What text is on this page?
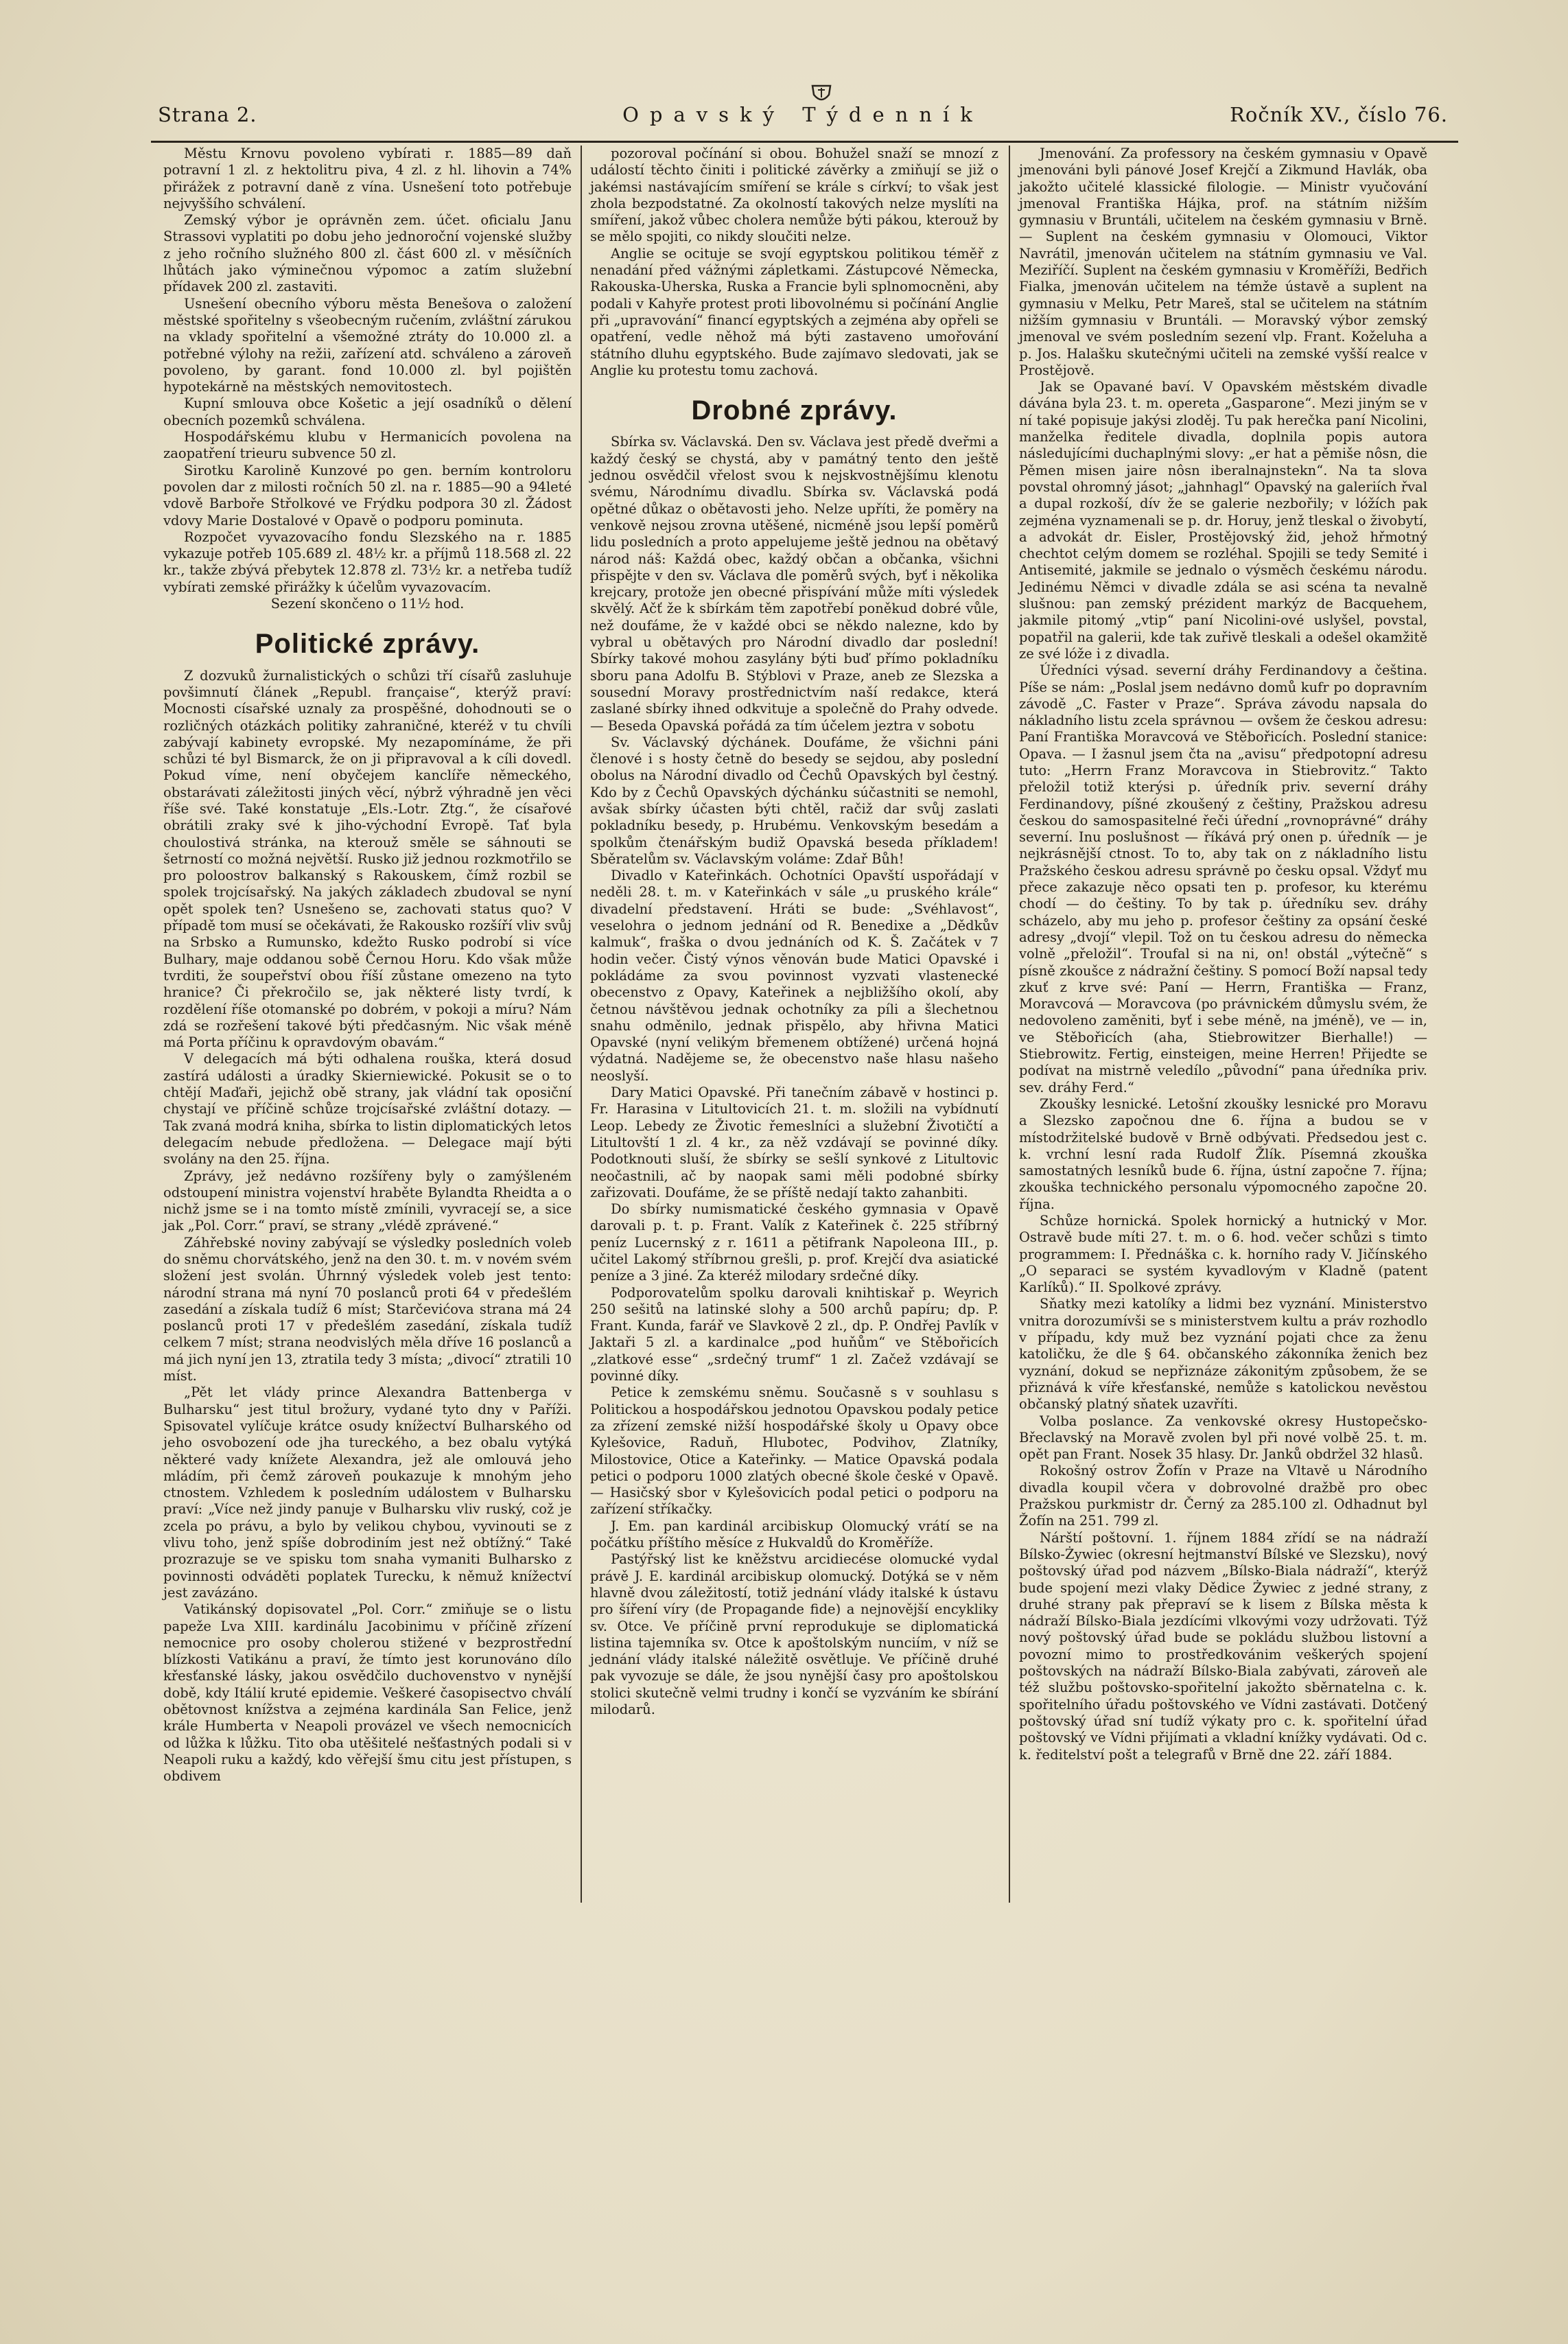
Strana 2.	Opavský Týdenník	Ročník XV., číslo 76.

Městu Krnovu povoleno vybírati r. 1885—89 daň potravní 1 zl. z hektolitru piva, 4 zl. z hl. lihovin a 74% přirážek z potravní daně z vína. Usnešení toto potřebuje nejvyššího schválení.

Zemský výbor je oprávněn zem. účet. oficialu Janu Strassovi vyplatiti po dobu jeho jednoroční vojenské služby z jeho ročního služného 800 zl. část 600 zl. v měsíčních lhůtách jako výminečnou výpomoc a zatím služební přídavek 200 zl. zastaviti.

Usnešení obecního výboru města Benešova o založení městské spořitelny s všeobecným ručením, zvláštní zárukou na vklady spořitelní a všemožné ztráty do 10.000 zl. a potřebné výlohy na režii, zařízení atd. schváleno a zároveň povoleno, by garant. fond 10.000 zl. byl pojištěn hypotekárně na městských nemovitostech.

Kupní smlouva obce Košetic a její osadníků o dělení obecních pozemků schválena.

Hospodářskému klubu v Hermanicích povolena na zaopatření trieuru subvence 50 zl.

Sirotku Karolině Kunzové po gen. berním kontroloru povolen dar z milosti ročních 50 zl. na r. 1885—90 a 94leté vdově Barboře Střolkové ve Frýdku podpora 30 zl. Žádost vdovy Marie Dostalové v Opavě o podporu pominuta.

Rozpočet vyvazovacího fondu Slezského na r. 1885 vykazuje potřeb 105.689 zl. 48½ kr. a příjmů 118.568 zl. 22 kr., takže zbývá přebytek 12.878 zl. 73½ kr. a netřeba tudíž vybírati zemské přirážky k účelům vyvazovacím.

Sezení skončeno o 11½ hod.

Politické zprávy.

Z dozvuků žurnalistických o schůzi tří císařů zasluhuje povšimnutí článek „Republ. française“, kterýž praví: Mocnosti císařské uznaly za prospěšné, dohodnouti se o rozličných otázkách politiky zahraničné, kteréž v tu chvíli zabývají kabinety evropské. My nezapomínáme, že při schůzi té byl Bismarck, že on ji připravoval a k cíli dovedl. Pokud víme, není obyčejem kanclíře německého, obstarávati záležitosti jiných věcí, nýbrž výhradně jen věci říše své. Také konstatuje „Els.-Lotr. Ztg.“, že císařové obrátili zraky své k jiho-východní Evropě. Tať byla choulostivá stránka, na kterouž směle se sáhnouti se šetrností co možná největší. Rusko již jednou rozkmotřilo se pro poloostrov balkanský s Rakouskem, čímž rozbil se spolek trojcísařský. Na jakých základech zbudoval se nyní opět spolek ten? Usnešeno se, zachovati status quo? V případě tom musí se očekávati, že Rakousko rozšíří vliv svůj na Srbsko a Rumunsko, kdežto Rusko podrobí si více Bulhary, maje oddanou sobě Černou Horu. Kdo však může tvrditi, že soupeřství obou říší zůstane omezeno na tyto hranice? Či překročilo se, jak některé listy tvrdí, k rozdělení říše otomanské po dobrém, v pokoji a míru? Nám zdá se rozřešení takové býti předčasným. Nic však méně má Porta příčinu k opravdovým obavám.“

V delegacích má býti odhalena rouška, která dosud zastírá události a úradky Skierniewické. Pokusit se o to chtějí Maďaři, jejichž obě strany, jak vládní tak oposiční chystají ve příčině schůze trojcísařské zvláštní dotazy. — Tak zvaná modrá kniha, sbírka to listin diplomatických letos delegacím nebude předložena. — Delegace mají býti svolány na den 25. října.

Zprávy, jež nedávno rozšířeny byly o zamýšleném odstoupení ministra vojenství hraběte Bylandta Rheidta a o nichž jsme se i na tomto místě zmínili, vyvracejí se, a sice jak „Pol. Corr.“ praví, se strany „vlédě zprávené.“

Záhřebské noviny zabývají se výsledky posledních voleb do sněmu chorvátského, jenž na den 30. t. m. v novém svém složení jest svolán. Úhrnný výsledek voleb jest tento: národní strana má nyní 70 poslanců proti 64 v předešlém zasedání a získala tudíž 6 míst; Starčevićova strana má 24 poslanců proti 17 v předešlém zasedání, získala tudíž celkem 7 míst; strana neodvislých měla dříve 16 poslanců a má jich nyní jen 13, ztratila tedy 3 místa; „divocí“ ztratili 10 míst.

„Pět let vlády prince Alexandra Battenberga v Bulharsku“ jest titul brožury, vydané tyto dny v Paříži. Spisovatel vylíčuje krátce osudy knížectví Bulharského od jeho osvobození ode jha tureckého, a bez obalu vytýká některé vady knížete Alexandra, jež ale omlouvá jeho mládím, při čemž zároveň poukazuje k mnohým jeho ctnostem. Vzhledem k posledním událostem v Bulharsku praví: „Více než jindy panuje v Bulharsku vliv ruský, což je zcela po právu, a bylo by velikou chybou, vyvinouti se z vlivu toho, jenž spíše dobrodiním jest než obtížný.“ Také prozrazuje se ve spisku tom snaha vymaniti Bulharsko z povinnosti odváděti poplatek Turecku, k němuž knížectví jest zavázáno.

Vatikánský dopisovatel „Pol. Corr.“ zmiňuje se o listu papeže Lva XIII. kardinálu Jacobinimu v příčině zřízení nemocnice pro osoby cholerou stižené v bezprostřední blízkosti Vatikánu a praví, že tímto jest korunováno dílo křesťanské lásky, jakou osvědčilo duchovenstvo v nynější době, kdy Itálií kruté epidemie. Veškeré časopisectvo chválí obětovnost knížstva a zejména kardinála San Felice, jenž krále Humberta v Neapoli provázel ve všech nemocnicích od lůžka k lůžku. Tito oba utěšitelé nešťastných podali si v Neapoli ruku a každý, kdo věřejší šmu citu jest přístupen, s obdivem

pozoroval počínání si obou. Bohužel snaží se mnozí z událostí těchto činiti i politické závěrky a zmiňují se již o jakémsi nastávajícím smíření se krále s církví; to však jest zhola bezpodstatné. Za okolností takových nelze myslíti na smíření, jakož vůbec cholera nemůže býti pákou, kterouž by se mělo spojiti, co nikdy sloučiti nelze.

Anglie se ocituje se svojí egyptskou politikou téměř z nenadání před vážnými zápletkami. Zástupcové Německa, Rakouska-Uherska, Ruska a Francie byli splnomocněni, aby podali v Kahyře protest proti libovolnému si počínání Anglie při „upravování“ financí egyptských a zejména aby opřeli se opatření, vedle něhož má býti zastaveno umořování státního dluhu egyptského. Bude zajímavo sledovati, jak se Anglie ku protestu tomu zachová.

Drobné zprávy.

Sbírka sv. Václavská. Den sv. Václava jest předě dveřmi a každý český se chystá, aby v památný tento den ještě jednou osvědčil vřelost svou k nejskvostnějšímu klenotu svému, Národnímu divadlu. Sbírka sv. Václavská podá opětné důkaz o obětavosti jeho. Nelze upříti, že poměry na venkově nejsou zrovna utěšené, nicméně jsou lepší poměrů lidu posledních a proto appelujeme ještě jednou na obětavý národ náš: Každá obec, každý občan a občanka, všichni přispějte v den sv. Václava dle poměrů svých, byť i několika krejcary, protože jen obecné přispívání může míti výsledek skvělý. Ačť že k sbírkám těm zapotřebí poněkud dobré vůle, než doufáme, že v každé obci se někdo nalezne, kdo by vybral u obětavých pro Národní divadlo dar poslední! Sbírky takové mohou zasylány býti buď přímo pokladníku sboru pana Adolfu B. Stýblovi v Praze, aneb ze Slezska a sousední Moravy prostřednictvím naší redakce, která zaslané sbírky ihned odkvituje a společně do Prahy odvede. — Beseda Opavská pořádá za tím účelem jeztra v sobotu

Sv. Václavský dýchánek. Doufáme, že všichni páni členové i s hosty četně do besedy se sejdou, aby poslední obolus na Národní divadlo od Čechů Opavských byl čestný. Kdo by z Čechů Opavských dýchánku súčastniti se nemohl, avšak sbírky účasten býti chtěl, račiž dar svůj zaslati pokladníku besedy, p. Hrubému. Venkovským besedám a spolkům čtenářským budiž Opavská beseda příkladem! Sběratelům sv. Václavským voláme: Zdař Bůh!

Divadlo v Kateřinkách. Ochotníci Opavští uspořádají v neděli 28. t. m. v Kateřinkách v sále „u pruského krále“ divadelní představení. Hráti se bude: „Svéhlavost“, veselohra o jednom jednání od R. Benedixe a „Dědkův kalmuk“, fraška o dvou jednáních od K. Š. Začátek v 7 hodin večer. Čistý výnos věnován bude Matici Opavské i pokládáme za svou povinnost vyzvati vlastenecké obecenstvo z Opavy, Kateřinek a nejbližšího okolí, aby četnou návštěvou jednak ochotníky za píli a šlechetnou snahu odměnilo, jednak přispělo, aby hřivna Matici Opavské (nyní velikým břemenem obtížené) určená hojná výdatná. Nadějeme se, že obecenstvo naše hlasu našeho neoslyší.

Dary Matici Opavské. Při tanečním zábavě v hostinci p. Fr. Harasina v Litultovicích 21. t. m. složili na vybídnutí Leop. Lebedy ze Životic řemeslníci a služební Životičtí a Litultovští 1 zl. 4 kr., za něž vzdávají se povinné díky. Podotknouti sluší, že sbírky se sešlí synkové z Litultovic neočastnili, ač by naopak sami měli podobné sbírky zařizovati. Doufáme, že se příště nedají takto zahanbiti.

Do sbírky numismatické českého gymnasia v Opavě darovali p. t. p. Frant. Valík z Kateřinek č. 225 stříbrný peníz Lucernský z r. 1611 a pětifrank Napoleona III., p. učitel Lakomý stříbrnou grešli, p. prof. Krejčí dva asiatické peníze a 3 jiné. Za kteréž milodary srdečné díky.

Podporovatelům spolku darovali knihtiskař p. Weyrich 250 sešitů na latinské slohy a 500 archů papíru; dp. P. Frant. Kunda, farář ve Slavkově 2 zl., dp. P. Ondřej Pavlík v Jaktaři 5 zl. a kardinalce „pod huňům“ ve Stěbořicích „zlatkové esse“ „srdečný trumf“ 1 zl. Začež vzdávají se povinné díky.

Petice k zemskému sněmu. Současně s v souhlasu s Politickou a hospodářskou jednotou Opavskou podaly petice za zřízení zemské nižší hospodářské školy u Opavy obce Kylešovice, Raduň, Hlubotec, Podvihov, Zlatníky, Milostovice, Otice a Kateřinky. — Matice Opavská podala petici o podporu 1000 zlatých obecné škole české v Opavě. — Hasičský sbor v Kylešovicích podal petici o podporu na zařízení stříkačky.

J. Em. pan kardinál arcibiskup Olomucký vrátí se na počátku příštího měsíce z Hukvaldů do Kroměříže.

Pastýřský list ke kněžstvu arcidiecése olomucké vydal právě J. E. kardinál arcibiskup olomucký. Dotýká se v něm hlavně dvou záležitostí, totiž jednání vlády italské k ústavu pro šíření víry (de Propagande fide) a nejnovější encykliky sv. Otce. Ve příčině první reprodukuje se diplomatická listina tajemníka sv. Otce k apoštolským nunciím, v níž se jednání vlády italské náležitě osvětluje. Ve příčině druhé pak vyvozuje se dále, že jsou nynější časy pro apoštolskou stolici skutečně velmi trudny i končí se vyzváním ke sbírání milodarů.

Jmenování. Za professory na českém gymnasiu v Opavě jmenováni byli pánové Josef Krejčí a Zikmund Havlák, oba jakožto učitelé klassické filologie. — Ministr vyučování jmenoval Františka Hájka, prof. na státním nižším gymnasiu v Bruntáli, učitelem na českém gymnasiu v Brně. — Suplent na českém gymnasiu v Olomouci, Viktor Navrátil, jmenován učitelem na státním gymnasiu ve Val. Meziříčí. Suplent na českém gymnasiu v Kroměříži, Bedřich Fialka, jmenován učitelem na témže ústavě a suplent na gymnasiu v Melku, Petr Mareš, stal se učitelem na státním nižším gymnasiu v Bruntáli. — Moravský výbor zemský jmenoval ve svém posledním sezení vlp. Frant. Koželuha a p. Jos. Halašku skutečnými učiteli na zemské vyšší realce v Prostějově.

Jak se Opavané baví. V Opavském městském divadle dávána byla 23. t. m. opereta „Gasparone“. Mezi jiným se v ní také popisuje jakýsi zloděj. Tu pak herečka paní Nicolini, manželka ředitele divadla, doplnila popis autora následujícími duchaplnými slovy: „er hat a pěmiše nôsn, die Pěmen misen jaire nôsn iberalnajnstekn“. Na ta slova povstal ohromný jásot; „jahnhagl“ Opavský na galeriích řval a dupal rozkoší, dív že se galerie nezbořily; v lóžích pak zejména vyznamenali se p. dr. Horuy, jenž tleskal o živobytí, a advokát dr. Eisler, Prostějovský žid, jehož hřmotný chechtot celým domem se rozléhal. Spojili se tedy Semité i Antisemité, jakmile se jednalo o výsměch českému národu. Jedinému Němci v divadle zdála se asi scéna ta nevalně slušnou: pan zemský prézident markýz de Bacquehem, jakmile pitomý „vtip“ paní Nicolini-ové uslyšel, povstal, popatřil na galerii, kde tak zuřivě tleskali a odešel okamžitě ze své lóže i z divadla.

Úředníci výsad. severní dráhy Ferdinandovy a čeština. Píše se nám: „Poslal jsem nedávno domů kufr po dopravním závodě „C. Faster v Praze“. Správa závodu napsala do nákladního listu zcela správnou — ovšem že českou adresu: Paní Františka Moravcová ve Stěbořicích. Poslední stanice: Opava. — I žasnul jsem čta na „avisu“ předpotopní adresu tuto: „Herrn Franz Moravcova in Stiebrovitz.“ Takto přeložil totiž kterýsi p. úředník priv. severní dráhy Ferdinandovy, píšné zkoušený z češtiny, Pražskou adresu českou do samospasitelné řeči úřední „rovnoprávné“ dráhy severní. Inu poslušnost — říkává prý onen p. úředník — je nejkrásnější ctnost. To to, aby tak on z nákladního listu Pražského českou adresu správně po česku opsal. Vždyť mu přece zakazuje něco opsati ten p. profesor, ku kterému chodí — do češtiny. To by tak p. úředníku sev. dráhy scházelo, aby mu jeho p. profesor češtiny za opsání české adresy „dvojí“ vlepil. Tož on tu českou adresu do německa volně „přeložil“. Troufal si na ni, on! obstál „výtečně“ s písně zkoušce z nádražní češtiny. S pomocí Boží napsal tedy zkuť z krve své: Paní — Herrn, Františka — Franz, Moravcová — Moravcova (po právnickém důmyslu svém, že nedovoleno zaměniti, byť i sebe méně, na jméně), ve — in, ve Stěbořicích (aha, Stiebrowitzer Bierhalle!) — Stiebrowitz. Fertig, einsteigen, meine Herren! Přijedte se podívat na mistrně veledílo „původní“ pana úředníka priv. sev. dráhy Ferd.“

Zkoušky lesnické. Letošní zkoušky lesnické pro Moravu a Slezsko započnou dne 6. října a budou se v místodržitelské budově v Brně odbývati. Předsedou jest c. k. vrchní lesní rada Rudolf Žlík. Písemná zkouška samostatných lesníků bude 6. října, ústní započne 7. října; zkouška technického personalu výpomocného započne 20. října.

Schůze hornická. Spolek hornický a hutnický v Mor. Ostravě bude míti 27. t. m. o 6. hod. večer schůzi s timto programmem: I. Přednáška c. k. horního rady V. Jičínského „O separaci se systém kyvadlovým v Kladně (patent Karlíků).“ II. Spolkové zprávy.

Sňatky mezi katolíky a lidmi bez vyznání. Ministerstvo vnitra dorozumívši se s ministerstvem kultu a práv rozhodlo v případu, kdy muž bez vyznání pojati chce za ženu katoličku, že dle § 64. občanského zákonníka ženich bez vyznání, dokud se nepřiznáze zákonitým způsobem, že se přiznává k víře křesťanské, nemůže s katolickou nevěstou občanský platný sňatek uzavříti.

Volba poslance. Za venkovské okresy Hustopečsko-Břeclavský na Moravě zvolen byl při nové volbě 25. t. m. opět pan Frant. Nosek 35 hlasy. Dr. Janků obdržel 32 hlasů.

Rokošný ostrov Žofín v Praze na Vltavě u Národního divadla koupil včera v dobrovolné dražbě pro obec Pražskou purkmistr dr. Černý za 285.100 zl. Odhadnut byl Žofín na 251. 799 zl.

Nárští poštovní. 1. říjnem 1884 zřídí se na nádraží Bílsko-Żywiec (okresní hejtmanství Bílské ve Slezsku), nový poštovský úřad pod názvem „Bílsko-Biala nádraží“, kterýž bude spojení mezi vlaky Dědice Żywiec z jedné strany, z druhé strany pak přepraví se k lisem z Bílska města k nádraží Bílsko-Biala jezdícími vlkovými vozy udržovati. Týž nový poštovský úřad bude se pokládu službou listovní a povozní mimo to prostředkovánim veškerých spojení poštovských na nádraží Bílsko-Biala zabývati, zároveň ale též službu poštovsko-spořitelní jakožto sběrnatelna c. k. spořitelního úřadu poštovského ve Vídni zastávati. Dotčený poštovský úřad sní tudíž výkaty pro c. k. spořitelní úřad poštovský ve Vídni přijímati a vkladní knížky vydávati. Od c. k. ředitelství pošt a telegrafů v Brně dne 22. září 1884.
